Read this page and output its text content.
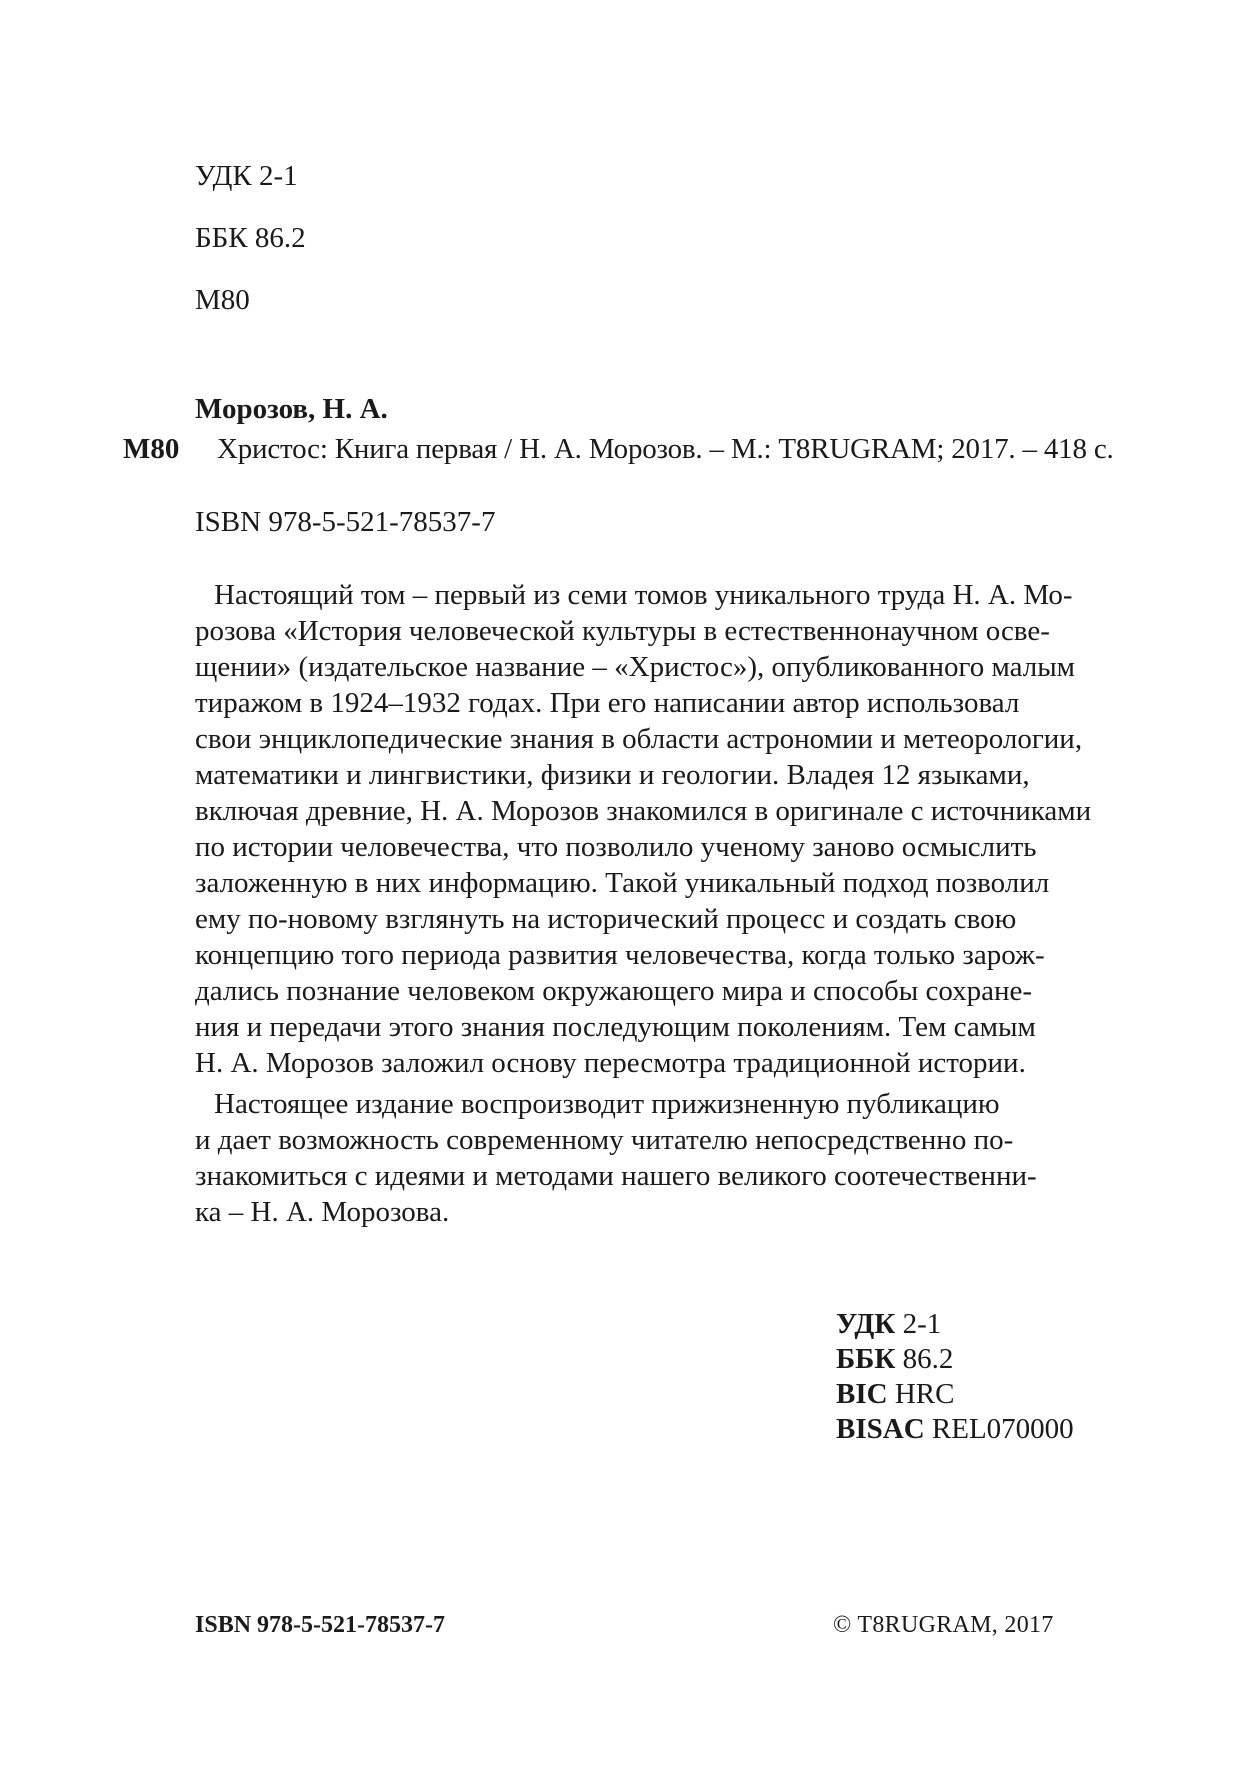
УДК 2-1
ББК 86.2
М80
Морозов, Н. А.
М80 Христос: Книга первая / Н. А. Морозов. – М.: T8RUGRAM; 2017. – 418 с.
ISBN 978-5-521-78537-7

Настоящий том – первый из семи томов уникального труда Н. А. Мо-

розова «История человеческой культуры в естественнонаучном осве-

щении» (издательское название – «Христос»), опубликованного малым

тиражом в 1924–1932 годах. При его написании автор использовал

свои энциклопедические знания в области астрономии и метеорологии,

математики и лингвистики, физики и геологии. Владея 12 языками,

включая древние, Н. А. Морозов знакомился в оригинале с источниками

по истории человечества, что позволило ученому заново осмыслить

заложенную в них информацию. Такой уникальный подход позволил

ему по-новому взглянуть на исторический процесс и создать свою

концепцию того периода развития человечества, когда только зарож-

дались познание человеком окружающего мира и способы сохране-

ния и передачи этого знания последующим поколениям. Тем самым

Н. А. Морозов заложил основу пересмотра традиционной истории.

Настоящее издание воспроизводит прижизненную публикацию

и дает возможность современному читателю непосредственно по-

знакомиться с идеями и методами нашего великого соотечественни-

ка – Н. А. Морозова.

УДК 2-1
ББК 86.2
BIC HRC
BISAC REL070000
ISBN 978-5-521-78537-7	© T8RUGRAM, 2017
